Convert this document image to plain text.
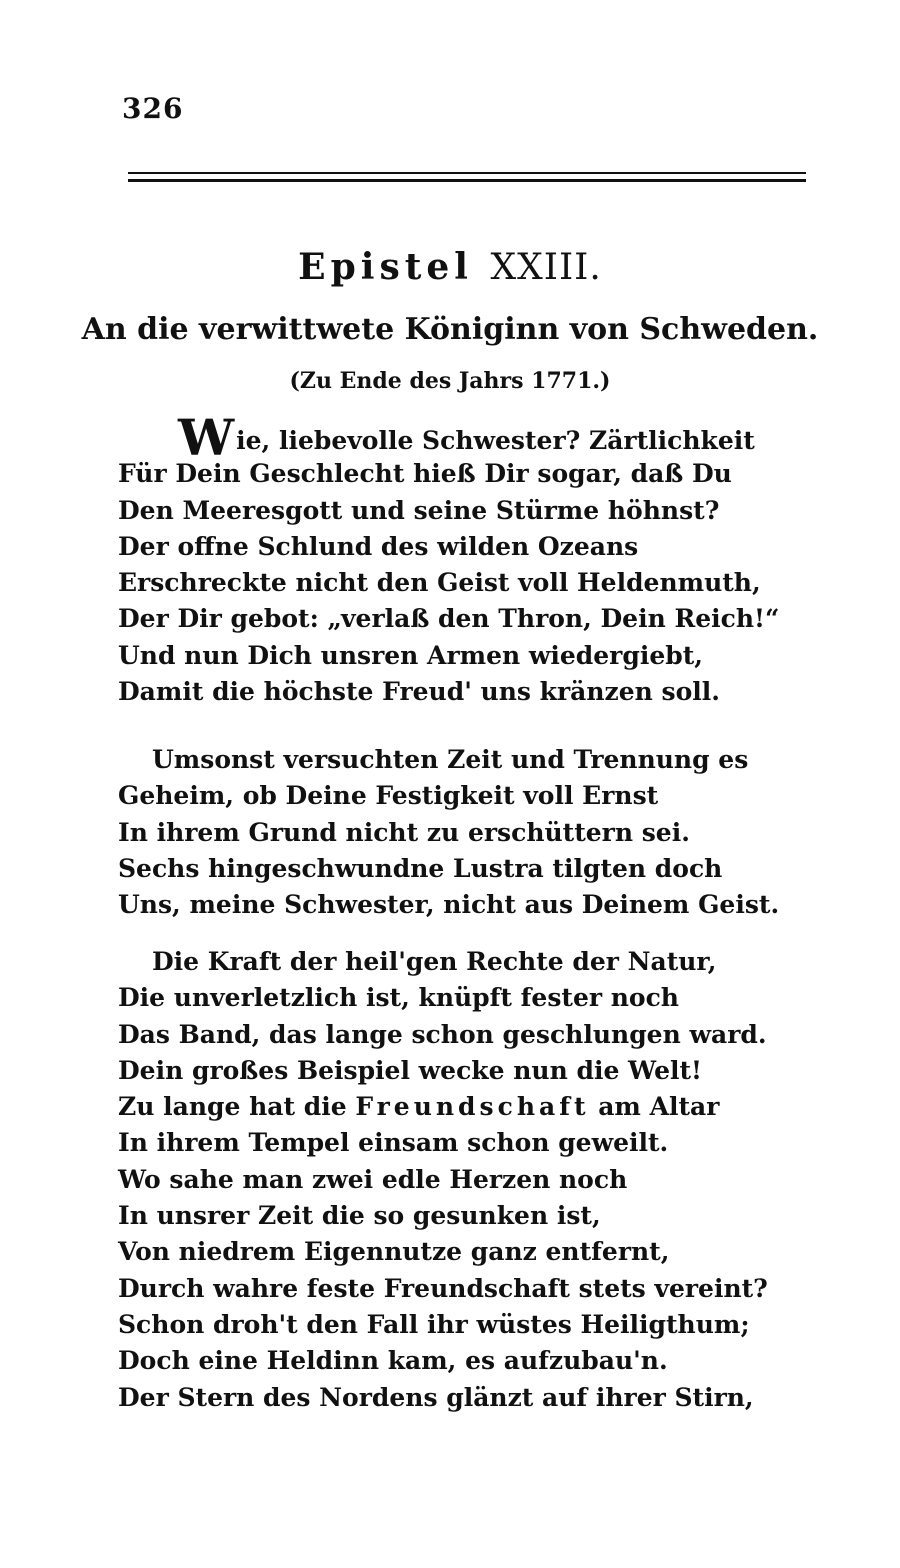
326
Epistel XXIII.
An die verwittwete Königinn von Schweden.
(Zu Ende des Jahrs 1771.)
Wie, liebevolle Schwester? Zärtlichkeit
Für Dein Geschlecht hieß Dir sogar, daß Du
Den Meeresgott und seine Stürme höhnst?
Der offne Schlund des wilden Ozeans
Erschreckte nicht den Geist voll Heldenmuth,
Der Dir gebot: „verlaß den Thron, Dein Reich!“
Und nun Dich unsren Armen wiedergiebt,
Damit die höchste Freud' uns kränzen soll.
Umsonst versuchten Zeit und Trennung es
Geheim, ob Deine Festigkeit voll Ernst
In ihrem Grund nicht zu erschüttern sei.
Sechs hingeschwundne Lustra tilgten doch
Uns, meine Schwester, nicht aus Deinem Geist.
Die Kraft der heil'gen Rechte der Natur,
Die unverletzlich ist, knüpft fester noch
Das Band, das lange schon geschlungen ward.
Dein großes Beispiel wecke nun die Welt!
Zu lange hat die Freundschaft am Altar
In ihrem Tempel einsam schon geweilt.
Wo sahe man zwei edle Herzen noch
In unsrer Zeit die so gesunken ist,
Von niedrem Eigennutze ganz entfernt,
Durch wahre feste Freundschaft stets vereint?
Schon droh't den Fall ihr wüstes Heiligthum;
Doch eine Heldinn kam, es aufzubau'n.
Der Stern des Nordens glänzt auf ihrer Stirn,
